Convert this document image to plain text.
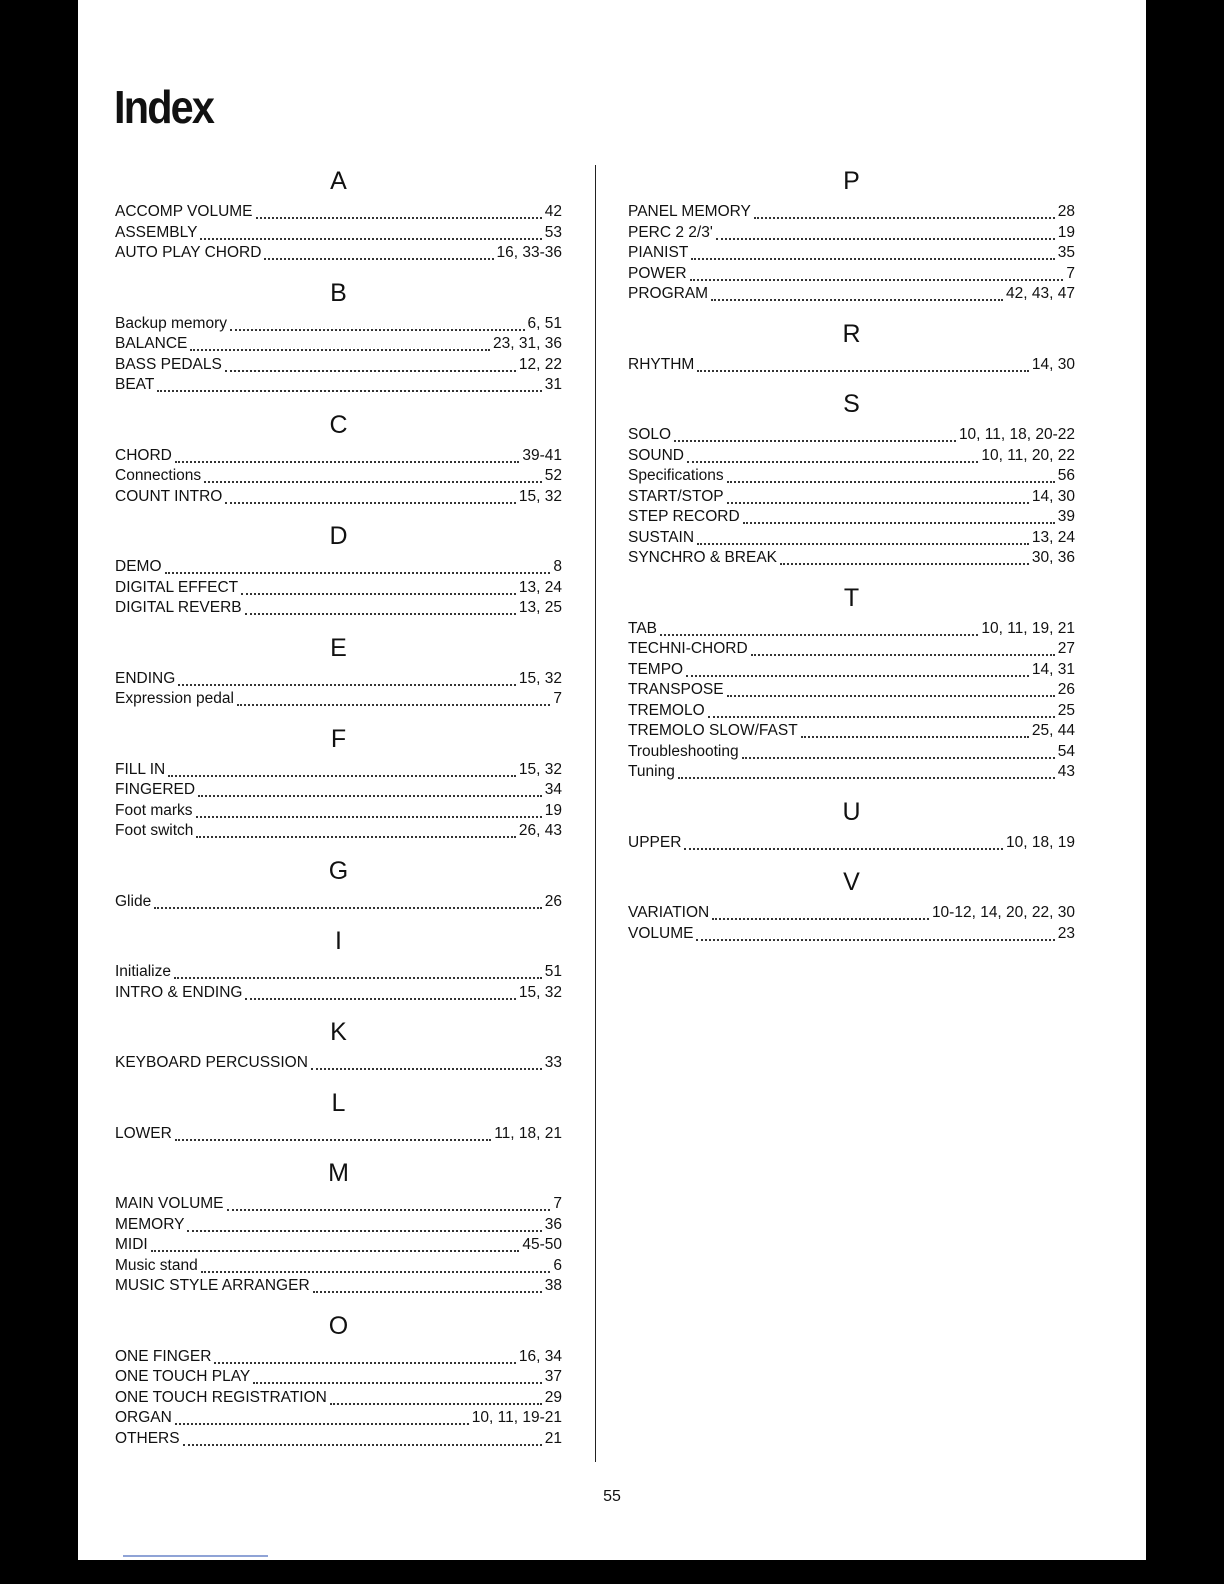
Index
A
ACCOMP VOLUME	42
ASSEMBLY	53
AUTO PLAY CHORD	16, 33-36
B
Backup memory	6, 51
BALANCE	23, 31, 36
BASS PEDALS	12, 22
BEAT	31
C
CHORD	39-41
Connections	52
COUNT INTRO	15, 32
D
DEMO	8
DIGITAL EFFECT	13, 24
DIGITAL REVERB	13, 25
E
ENDING	15, 32
Expression pedal	7
F
FILL IN	15, 32
FINGERED	34
Foot marks	19
Foot switch	26, 43
G
Glide	26
I
Initialize	51
INTRO & ENDING	15, 32
K
KEYBOARD PERCUSSION	33
L
LOWER	11, 18, 21
M
MAIN VOLUME	7
MEMORY	36
MIDI	45-50
Music stand	6
MUSIC STYLE ARRANGER	38
O
ONE FINGER	16, 34
ONE TOUCH PLAY	37
ONE TOUCH REGISTRATION	29
ORGAN	10, 11, 19-21
OTHERS	21
P
PANEL MEMORY	28
PERC 2 2/3'	19
PIANIST	35
POWER	7
PROGRAM	42, 43, 47
R
RHYTHM	14, 30
S
SOLO	10, 11, 18, 20-22
SOUND	10, 11, 20, 22
Specifications	56
START/STOP	14, 30
STEP RECORD	39
SUSTAIN	13, 24
SYNCHRO & BREAK	30, 36
T
TAB	10, 11, 19, 21
TECHNI-CHORD	27
TEMPO	14, 31
TRANSPOSE	26
TREMOLO	25
TREMOLO SLOW/FAST	25, 44
Troubleshooting	54
Tuning	43
U
UPPER	10, 18, 19
V
VARIATION	10-12, 14, 20, 22, 30
VOLUME	23
55
